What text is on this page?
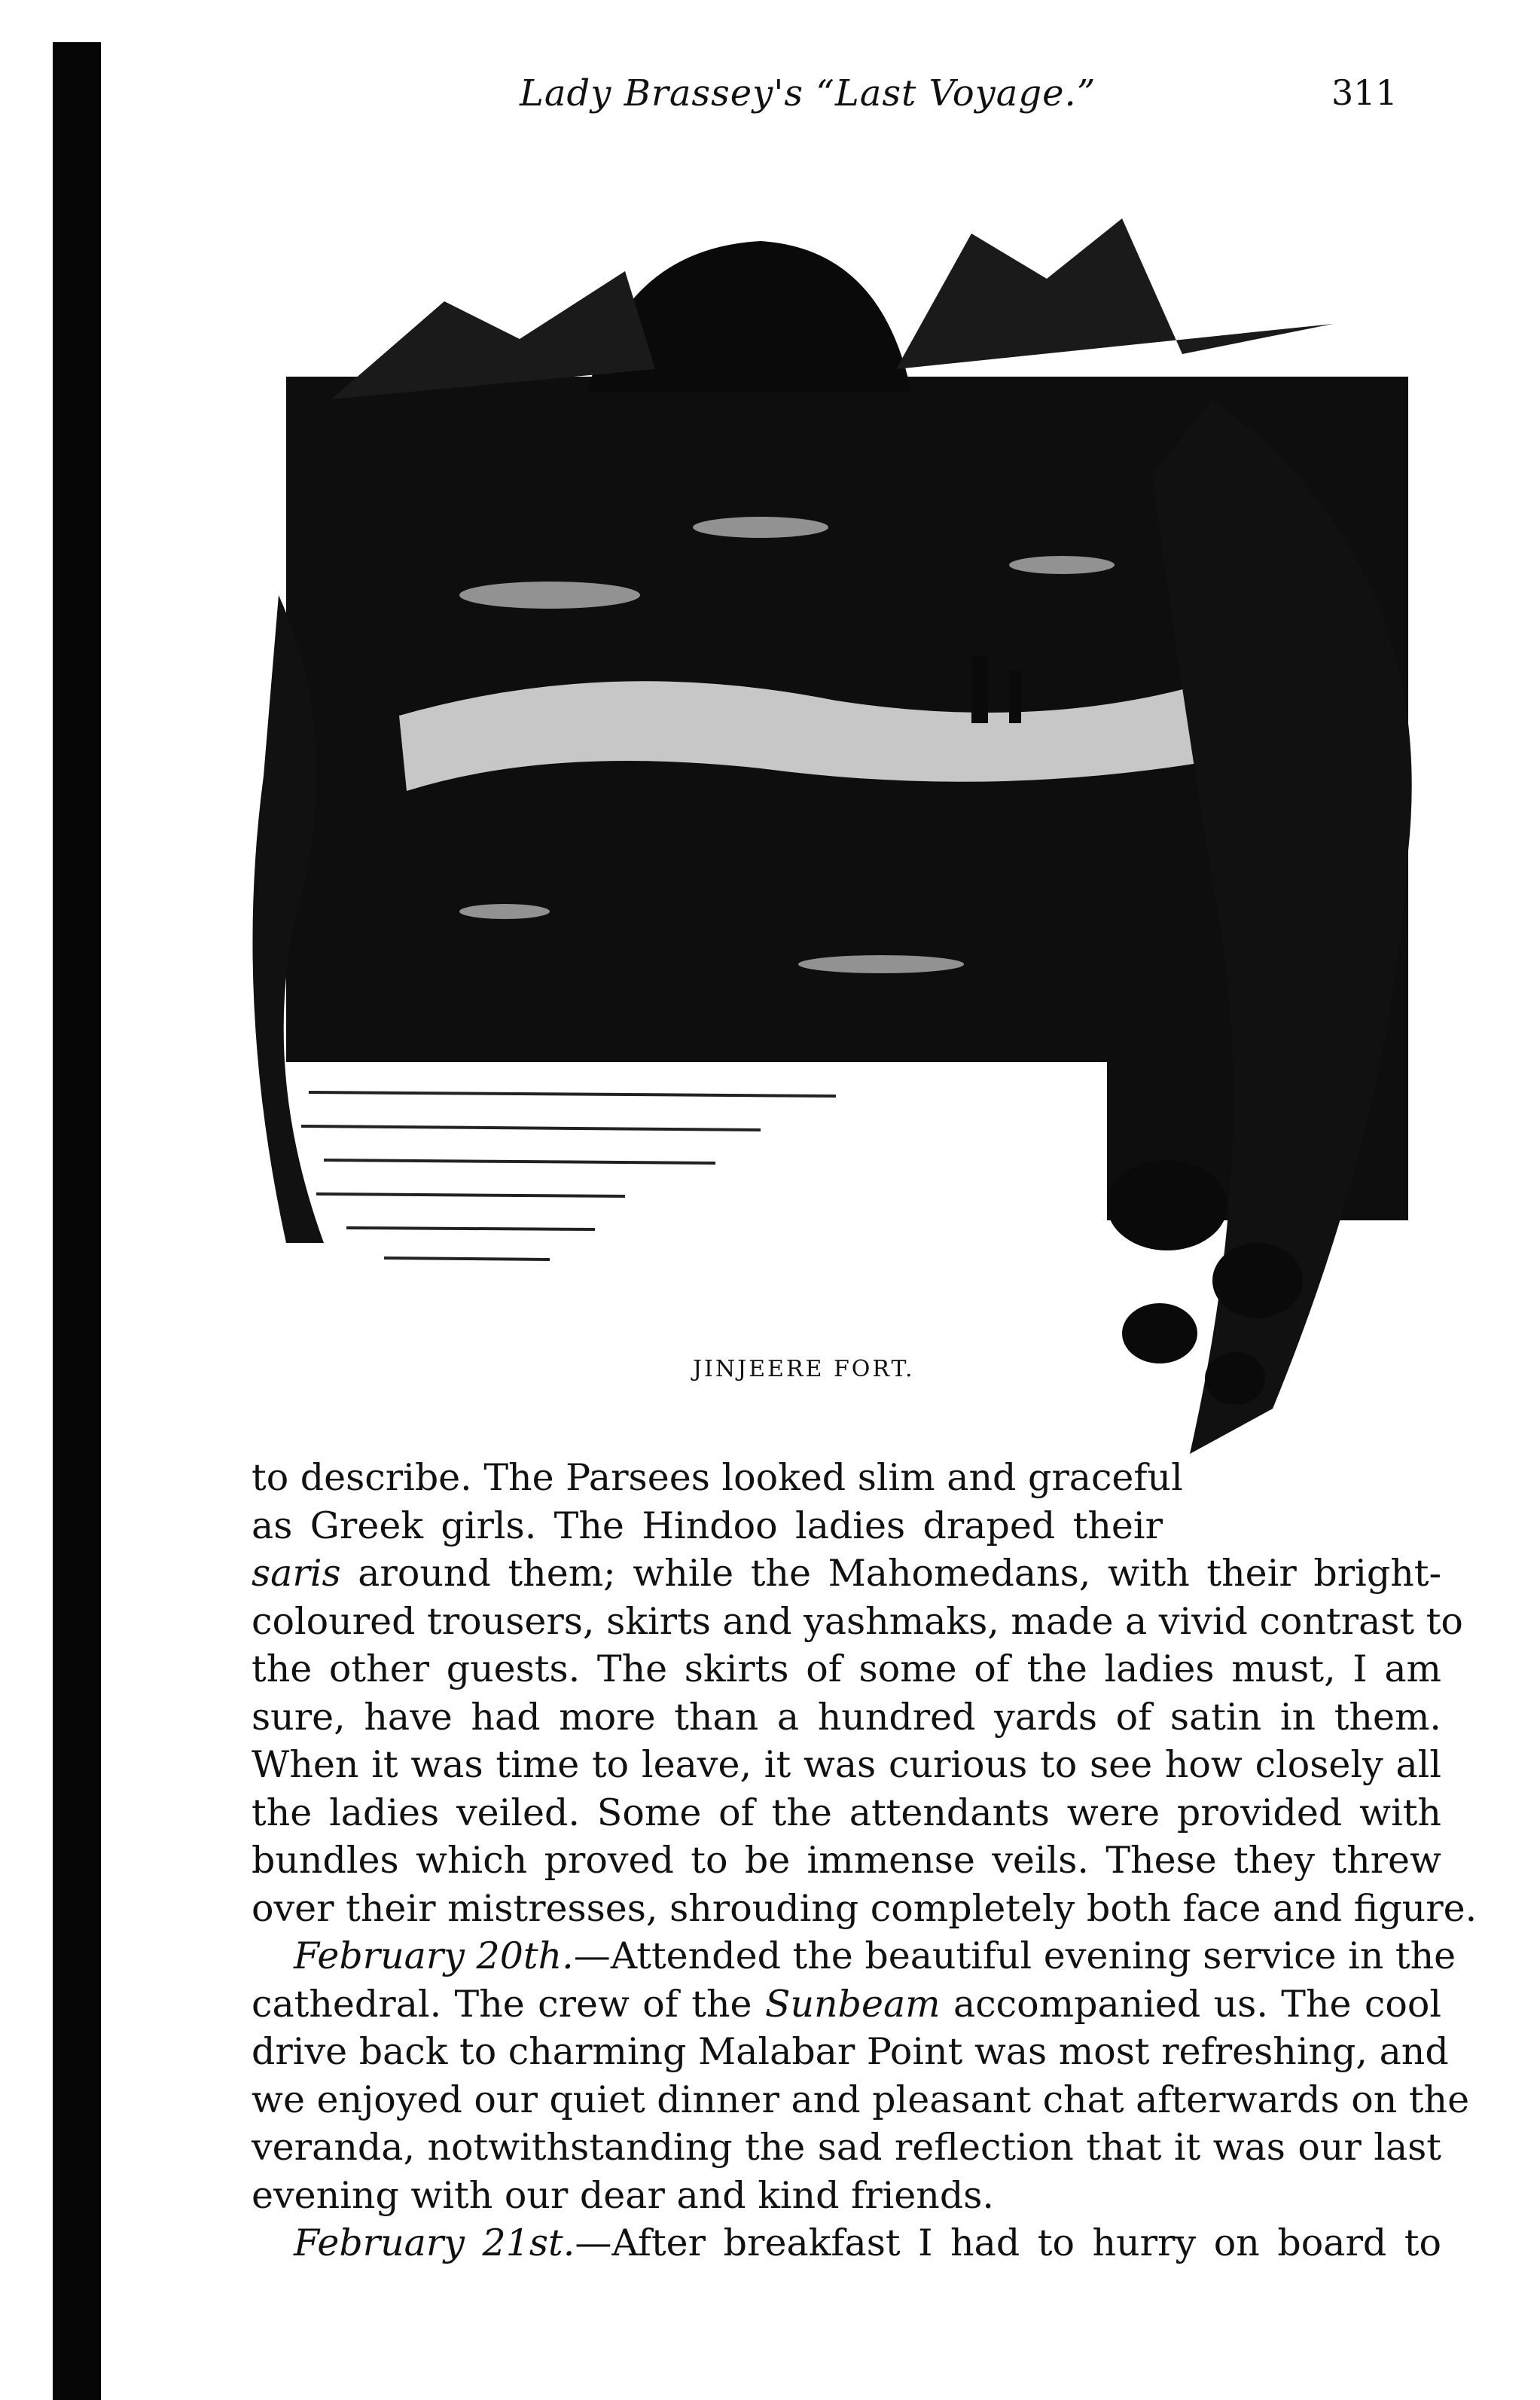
Lady Brassey's “Last Voyage.”	311
JINJEERE FORT.
to describe. The Parsees looked slim and graceful
as Greek girls. The Hindoo ladies draped their
saris around them; while the Mahomedans, with their bright-
coloured trousers, skirts and yashmaks, made a vivid contrast to
the other guests. The skirts of some of the ladies must, I am
sure, have had more than a hundred yards of satin in them.
When it was time to leave, it was curious to see how closely all
the ladies veiled. Some of the attendants were provided with
bundles which proved to be immense veils. These they threw
over their mistresses, shrouding completely both face and figure.
February 20th.—Attended the beautiful evening service in the
cathedral. The crew of the Sunbeam accompanied us. The cool
drive back to charming Malabar Point was most refreshing, and
we enjoyed our quiet dinner and pleasant chat afterwards on the
veranda, notwithstanding the sad reflection that it was our last
evening with our dear and kind friends.
February 21st.—After breakfast I had to hurry on board to
